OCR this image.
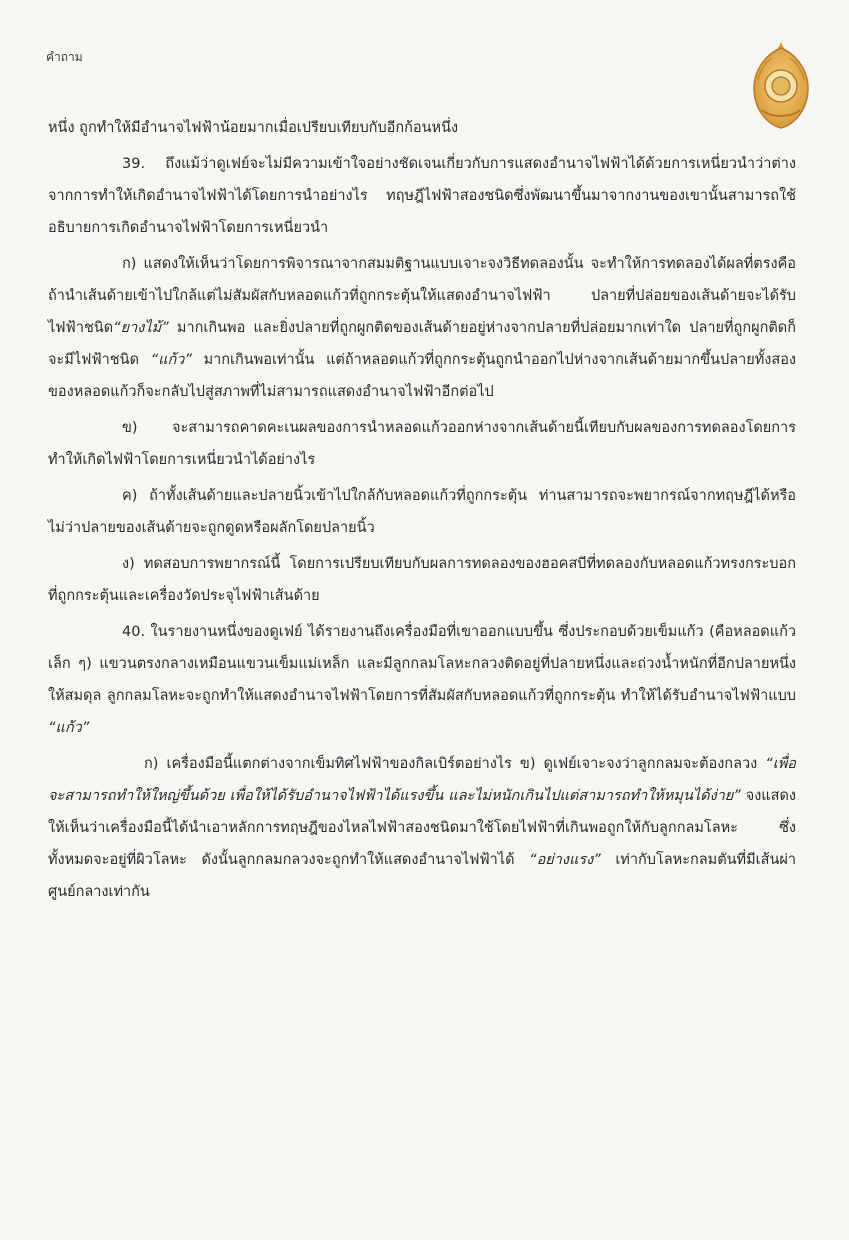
คำถาม

หนึ่ง ถูกทำให้มีอำนาจไฟฟ้าน้อยมากเมื่อเปรียบเทียบกับอีกก้อนหนึ่ง

39. ถึงแม้ว่าดูเฟย์จะไม่มีความเข้าใจอย่างชัดเจนเกี่ยวกับการแสดงอำนาจไฟฟ้าได้ด้วยการเหนี่ยวนำว่าต่างจากการทำให้เกิดอำนาจไฟฟ้าได้โดยการนำอย่างไร ทฤษฎีไฟฟ้าสองชนิดซึ่งพัฒนาขึ้นมาจากงานของเขานั้นสามารถใช้อธิบายการเกิดอำนาจไฟฟ้าโดยการเหนี่ยวนำ

ก) แสดงให้เห็นว่าโดยการพิจารณาจากสมมติฐานแบบเจาะจงวิธีทดลองนั้น จะทำให้การทดลองได้ผลที่ตรงคือ ถ้านำเส้นด้ายเข้าไปใกล้แต่ไม่สัมผัสกับหลอดแก้วที่ถูกกระตุ้นให้แสดงอำนาจไฟฟ้า ปลายที่ปล่อยของเส้นด้ายจะได้รับไฟฟ้าชนิด“ยางไม้” มากเกินพอ และยิ่งปลายที่ถูกผูกติดของเส้นด้ายอยู่ห่างจากปลายที่ปล่อยมากเท่าใด ปลายที่ถูกผูกติดก็จะมีไฟฟ้าชนิด “แก้ว” มากเกินพอเท่านั้น แต่ถ้าหลอดแก้วที่ถูกกระตุ้นถูกนำออกไปห่างจากเส้นด้ายมากขึ้นปลายทั้งสองของหลอดแก้วก็จะกลับไปสู่สภาพที่ไม่สามารถแสดงอำนาจไฟฟ้าอีกต่อไป

ข) จะสามารถคาดคะเนผลของการนำหลอดแก้วออกห่างจากเส้นด้ายนี้เทียบกับผลของการทดลองโดยการทำให้เกิดไฟฟ้าโดยการเหนี่ยวนำได้อย่างไร

ค) ถ้าทั้งเส้นด้ายและปลายนิ้วเข้าไปใกล้กับหลอดแก้วที่ถูกกระตุ้น ท่านสามารถจะพยากรณ์จากทฤษฎีได้หรือไม่ว่าปลายของเส้นด้ายจะถูกดูดหรือผลักโดยปลายนิ้ว

ง) ทดสอบการพยากรณ์นี้ โดยการเปรียบเทียบกับผลการทดลองของฮอคสบีที่ทดลองกับหลอดแก้วทรงกระบอกที่ถูกกระตุ้นและเครื่องวัดประจุไฟฟ้าเส้นด้าย

40. ในรายงานหนึ่งของดูเฟย์ ได้รายงานถึงเครื่องมือที่เขาออกแบบขึ้น ซึ่งประกอบด้วยเข็มแก้ว (คือหลอดแก้วเล็ก ๆ) แขวนตรงกลางเหมือนแขวนเข็มแม่เหล็ก และมีลูกกลมโลหะกลวงติดอยู่ที่ปลายหนึ่งและถ่วงน้ำหนักที่อีกปลายหนึ่งให้สมดุล ลูกกลมโลหะจะถูกทำให้แสดงอำนาจไฟฟ้าโดยการที่สัมผัสกับหลอดแก้วที่ถูกกระตุ้น ทำให้ได้รับอำนาจไฟฟ้าแบบ “แก้ว”

ก) เครื่องมือนี้แตกต่างจากเข็มทิศไฟฟ้าของกิลเบิร์ตอย่างไร ข) ดูเฟย์เจาะจงว่าลูกกลมจะต้องกลวง “เพื่อจะสามารถทำให้ใหญ่ขึ้นด้วย เพื่อให้ได้รับอำนาจไฟฟ้าได้แรงขึ้น และไม่หนักเกินไปแต่สามารถทำให้หมุนได้ง่าย” จงแสดงให้เห็นว่าเครื่องมือนี้ได้นำเอาหลักการทฤษฎีของไหลไฟฟ้าสองชนิดมาใช้โดยไฟฟ้าที่เกินพอถูกให้กับลูกกลมโลหะ ซึ่งทั้งหมดจะอยู่ที่ผิวโลหะ ดังนั้นลูกกลมกลวงจะถูกทำให้แสดงอำนาจไฟฟ้าได้ “อย่างแรง” เท่ากับโลหะกลมตันที่มีเส้นผ่าศูนย์กลางเท่ากัน
